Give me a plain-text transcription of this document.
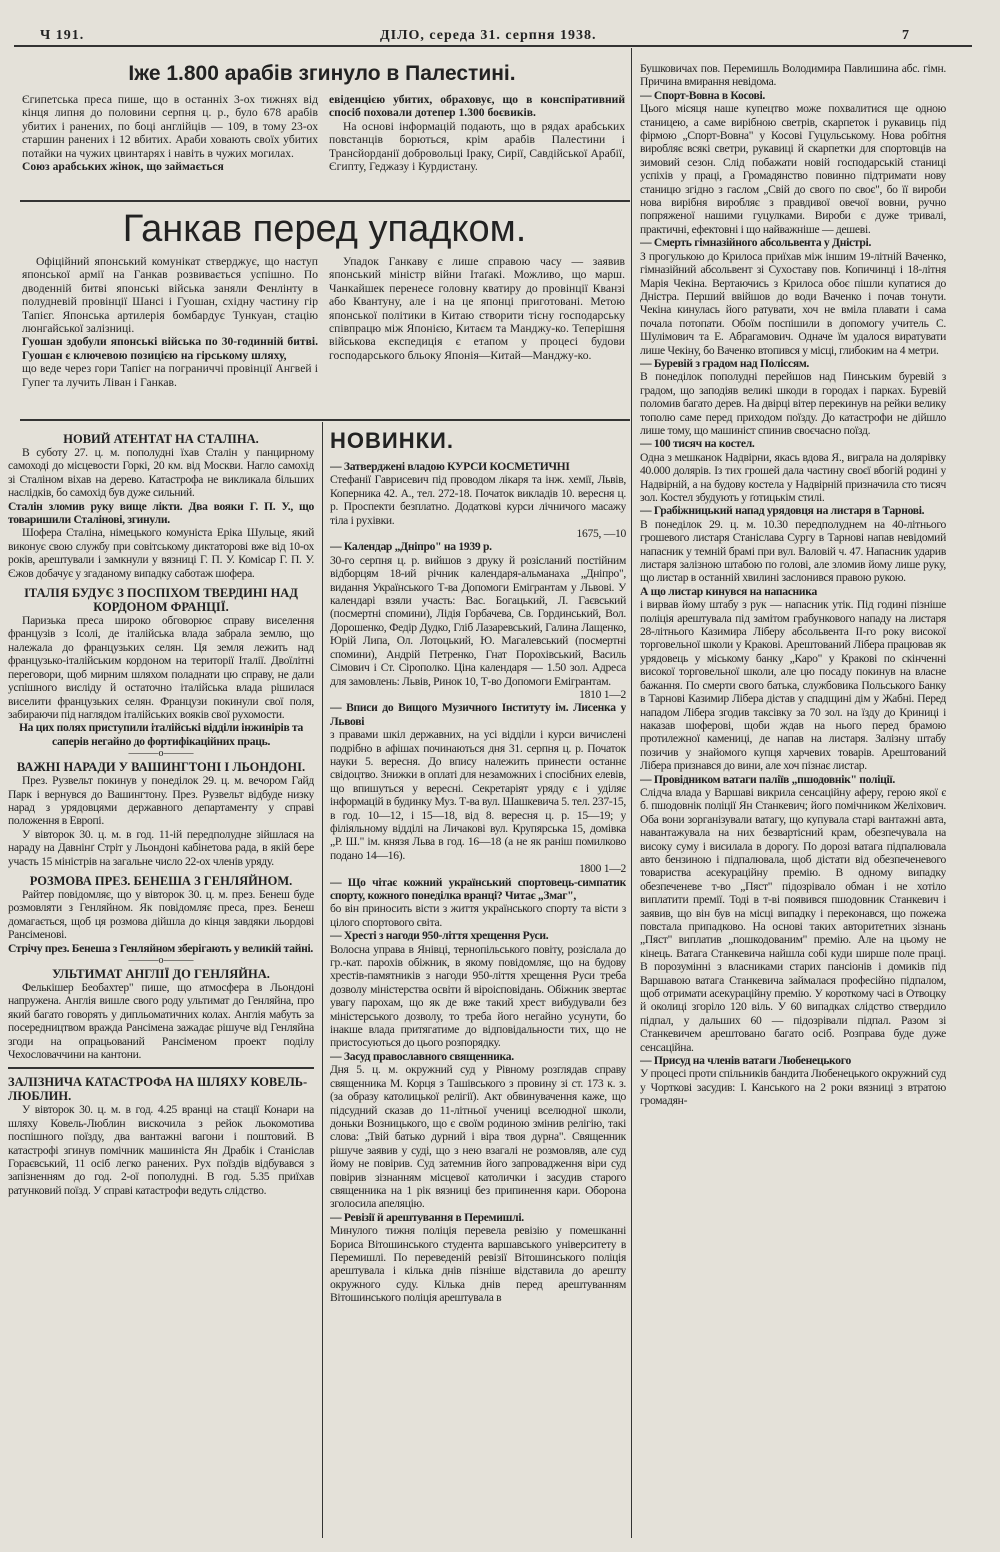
Ч 191.	ДІЛО, середа 31. серпня 1938.	7
Іже 1.800 арабів згинуло в Палестині.

Єгипетська преса пише, що в останніх 3-ох тижнях від кінця липня до половини серпня ц. р., було 678 арабів убитих і ранених, по боці англійців — 109, в тому 23-ох старшин ранених і 12 вбитих. Араби ховають своїх убитих потайки на чужих цвинтарях і навіть в чужих могилах.

Союз арабських жінок, що займається

евіденцією убитих, обраховує, що в конспіративний спосіб поховали дотепер 1.300 боєвиків.

На основі інформацій подають, що в рядах арабських повстанців борються, крім арабів Палестини і Трансйорданії добровольці Іраку, Сирії, Савдійської Арабії, Єгипту, Геджазу і Курдистану.

Ганкав перед упадком.

Офіційний японський комунікат стверджує, що наступ японської армії на Ганкав розвивається успішно. По дводенній битві японські війська заняли Фенлінту в полудневій провінції Шансі і Гуошан, східну частину гір Тапієг. Японська артилерія бомбардує Тункуан, стацію люнгайської залізниці.

Гуошан здобули японські війська по 30-годинній битві. Гуошан є ключевою позицією на гірському шляху,

що веде через гори Тапієг на пограниччі провінції Ангвей і Гупег та лучить Лівaн і Ганкав.

Упадок Ганкаву є лише справою часу — заявив японський міністр війни Ітаґакі. Можливо, що марш. Чанкайшек перенесе головну кватиру до провінції Кванзі або Квантуну, але і на це японці приготовані. Метою японської політики в Китаю створити тісну господарську співпрацю між Японією, Китаєм та Манджу-ко. Теперішня військова експедиція є етапом у процесі будови господарського бльоку Японія—Китай—Манджу-ко.

НОВИЙ АТЕНТАТ НА СТАЛІНА.

В суботу 27. ц. м. пополудні їхав Сталін у панцирному самоході до місцевости Горкі, 20 км. від Москви. Нагло самохід зі Сталіном віхав на дерево. Катастрофа не викликала більших наслідків, бо самохід був дуже сильний.

Сталін зломив руку вище лікти. Два вояки Г. П. У., що товаришили Сталінові, згинули.

Шофера Сталіна, німецького комуніста Еріка Шульце, який виконує свою службу при совітському диктаторові вже від 10-ох років, арештували і замкнули у вязниці Г. П. У. Комісар Г. П. У. Єжов добачує у згаданому випадку саботаж шофера.

ІТАЛІЯ БУДУЄ З ПОСПІХОМ ТВЕРДИНІ НАД КОРДОНОМ ФРАНЦІЇ.

Паризька преса широко обговорює справу виселення французів з Ісолі, де італійська влада забрала землю, що належала до французьких селян. Ця земля лежить над французько-італійським кордоном на території Італії. Двоїлітні переговори, щоб мирним шляхом поладнати цю справу, не дали успішного висліду й остаточно італійська влада рішилася виселити французьких селян. Французи покинули свої поля, забираючи під наглядом італійських вояків свої рухомости.

На цих полях приступили італійські відділи інжинірів та саперів негайно до фортифікаційних праць.

———o———

ВАЖНІ НАРАДИ У ВАШИНГТОНІ І ЛЬОНДОНІ.

През. Рузвельт покинув у понеділок 29. ц. м. вечором Гайд Парк і вернувся до Вашингтону. През. Рузвельт відбуде низку нарад з урядовцями державного департаменту у справі положення в Европі.

У вівторок 30. ц. м. в год. 11-ій передполудне зійшлася на нараду на Давнінґ Стріт у Льондоні кабінетова рада, в якій бере участь 15 міністрів на загальне число 22-ох членів уряду.

РОЗМОВА ПРЕЗ. БЕНЕША З ГЕНЛЯЙНОМ.

Райтер повідомляє, що у вівторок 30. ц. м. през. Бенеш буде розмовляти з Генляйном. Як повідомляє преса, през. Бенеш домагається, щоб ця розмова дійшла до кінця завдяки льордові Рансіменові.

Стрічу през. Бенеша з Генляйном зберігають у великій тайні.

———o———

УЛЬТИМАТ АНГЛІЇ ДО ГЕНЛЯЙНА.

Фелькішер Беобахтер" пише, що атмосфера в Льондоні напружена. Англія вишле свого роду ультимат до Генляйна, про який багато говорять у дипльоматичних колах. Англія мабуть за посередництвом вражда Рансімена зажадає рішуче від Генляйна згоди на опрацьований Рансіменом проект поділу Чехословаччини на кантони.

ЗАЛІЗНИЧА КАТАСТРОФА НА ШЛЯХУ КОВЕЛЬ-ЛЮБЛИН.

У вівторок 30. ц. м. в год. 4.25 вранці на стації Конари на шляху Ковель-Люблин вискочила з рейок льокомотива поспішного поїзду, два вантажні вагони і поштовий. В катастрофі згинув помічник машиніста Ян Драбік і Станіслав Гораєвський, 11 осіб легко ранених. Рух поїздів відбувався з запізненням до год. 2-ої пополудні. В год. 5.35 приїхав ратунковий поїзд. У справі катастрофи ведуть слідство.

НОВИНКИ.

— Затверджені владою КУРСИ КОСМЕТИЧНІ

Стефанії Гавриcевич під проводом лікаря та інж. хемії, Львів, Коперника 42. А., тел. 272-18. Початок викладів 10. вересня ц. р. Проспекти безплатно. Додаткові курси лічничого масажу тіла і рухівки.

1675, —10

— Календар „Дніпро" на 1939 р.

30-го серпня ц. р. вийшов з друку й розісланий постійним відборцям 18-ий річник календаря-альманаха „Дніпро", видання Українського Т-ва Допомоги Емігрантам у Львові. У календарі взяли участь: Вас. Богацький, Л. Гаєвський (посмертні спомини), Лідія Горбачева, Св. Гординський, Вол. Дорошенко, Федір Дудко, Гліб Лазаревський, Галина Лащенко, Юрій Липа, Ол. Лотоцький, Ю. Магалевський (посмертні спомини), Андрій Петренко, Гнат Порохівський, Василь Сімович і Ст. Сірополко. Ціна календаря — 1.50 зол. Адреса для замовлень: Львів, Ринок 10, Т-во Допомоги Емігрантам.

1810 1—2

— Вписи до Вищого Музичного Інституту ім. Лисенка у Львові

з правами шкіл державних, на усі відділи і курси вичислені подрібно в афішах починаються дня 31. серпня ц. р. Початок науки 5. вересня. До впису належить принести останнє свідоцтво. Знижки в оплаті для незаможних і спосібних елевів, що впишуться у вересні. Секретаріят уряду є і уділяє інформацій в будинку Муз. Т-ва вул. Шашкевича 5. тел. 237-15, в год. 10—12, і 15—18, від 8. вересня ц. р. 15—19; у філіяльному відділі на Личакові вул. Крупярська 15, домівка „Р. Ш." ім. князя Льва в год. 16—18 (а не як раніш помилково подано 14—16).

1800 1—2

— Що чітає кожний український спортовець-симпатик спорту, кожного понеділка вранці? Читає „Змаг",

бо він приносить вісти з життя українського спорту та вісти з цілого спортового світа.

— Хресті з нагоди 950-ліття хрещення Руси.

Волосна управа в Янівці, тернопільського повіту, розіслала до гр.-кат. парохів обіжник, в якому повідомляє, що на будову хрестів-памятників з нагоди 950-ліття хрещення Руси треба дозволу міністерства освіти й віроісповідань. Обіжник звертає увагу парохам, що як де вже такий хрест вибудували без міністерського дозволу, то треба його негайно усунути, бо інакше влада притягатиме до відповідальности тих, що не пристосуються до цього розпорядку.

— Засуд православного священника.

Дня 5. ц. м. окружний суд у Рівному розглядав справу священника М. Корця з Ташівського з провину зі ст. 173 к. з. (за образу католицької релігії). Акт обвинувачення каже, що підсудний сказав до 11-літньої учениці вселюдної школи, доньки Возницького, що є своїм родиною змінив релігію, такі слова: „Твій батько дурний і віра твоя дурна". Священник рішуче заявив у суді, що з нею взагалі не розмовляв, але суд йому не повірив. Суд затемнив його запровадження віри суд повірив зізнанням місцевої католички і засудив старого священника на 1 рік вязниці без припинення кари. Оборона зголосила апеляцію.

— Ревізії й арештування в Перемишлі.

Минулого тижня поліція перевела ревізію у помешканні Бориса Вітошинського студента варшавського університету в Перемишлі. По переведеній ревізії Вітошинського поліція арештувала і кілька днів пізніше відставила до арешту окружного суду. Кілька днів перед арештуванням Вітошинського поліція арештувала в

Бушковичах пов. Перемишль Володимира Павлишина абс. гімн. Причина вмирання невідома.

— Спорт-Вовна в Косові.

Цього місяця наше купецтво може похвалитися ще одною станицею, а саме вирібною светрів, скарпеток і рукавиць під фірмою „Спорт-Вовна" у Косові Гуцульському. Нова робітня виробляє всякі светри, рукавиці й скарпетки для спортовців на зимовий сезон. Слід побажати новій господарській станиці успіхів у праці, а Громадянство повинно підтримати нову станицю згідно з гаслом „Свій до свого по своє", бо її вироби нова вирібня виробляє з правдивої овечої вовни, ручно попряженої нашими гуцулками. Вироби є дуже тривалі, практичні, ефектовні і що найважніше — дешеві.

— Смерть гімназійного абсольвента у Дністрі.

З прогулькою до Крилоса приїхав між іншим 19-літній Ваченко, гімназійний абсольвент зі Сухоставу пов. Копичинці і 18-літня Марія Чекіна. Вертаючись з Крилоса обоє пішли купатися до Дністра. Перший ввійшов до води Ваченко і почав тонути. Чекіна кинулась його ратувати, хоч не вміла плавати і сама почала потопати. Обоїм поспішили в допомогу учитель С. Шулімович та Е. Абрагамович. Одначе їм удалося виратувати лише Чекіну, бо Ваченко втопився у місці, глибоким на 4 метри.

— Буревій з градом над Поліссям.

В понеділок пополудні перейшов над Пинським буревій з градом, що заподіяв великі шкоди в городах і парках. Буревій поломив багато дерев. На двірці вітер перекинув на рейки велику тополю саме перед приходом поїзду. До катастрофи не дійшло лише тому, що машиніст спинив своєчасно поїзд.

— 100 тисяч на костел.

Одна з мешканок Надвірни, якась вдова Я., виграла на долярівку 40.000 долярів. Із тих грошей дала частину своєї вбогій родині у Надвірній, а на будову костела у Надвірній призначила сто тисяч зол. Костел збудують у ґотицькім стилі.

— Грабіжницький напад урядовця на листаря в Тарнові.

В понеділок 29. ц. м. 10.30 передполуднем на 40-літнього грошевого листаря Станіслава Сургу в Тарнові напав невідомий напасник у темній брамі при вул. Валовій ч. 47. Напасник ударив листаря залізною штабою по голові, але зломив йому лише руку, що листар в останній хвилині заслонився правою рукою.

А що листар кинувся на напасника

і вирвав йому штабу з рук — напасник утік. Під годині пізніше поліція арештувала під замітом грабункового нападу на листаря 28-літнього Казимира Лiберу абсольвента II-го року високої торговельної школи у Кракові. Арештований Ліберa працював як урядовець у міському банку „Каро" у Кракові по скінченні високої торговельної школи, але цю посаду покинув на власне бажання. По смерти свого батька, службовика Польського Банку в Тарнові Казимир Ліберa дістав у спадщині дім у Жабні. Перед нападом Ліберa згодив таксівку за 70 зол. на їзду до Криниці і наказав шоферові, щоби ждав на нього перед брамою протилежної камениці, де напав на листаря. Залізну штабу позичив у знайомого купця харчевих товарів. Арештований Ліберa признався до вини, але хоч пізнає листар.

— Провідником ватаги паліїв „пшодовнік" поліції.

Слідча влада у Варшаві викрила сенсаційну аферу, герою якої є б. пшодовнік поліції Ян Станкевич; його помічником Желіхович. Оба вони зорганізували ватагу, що купувала старі вантажні авта, навантажувала на них безвартісний крам, обезпечувала на високу суму і висилала в дорогу. По дорозі ватага підпалювала авто бензиною і підпалювала, щоб дістати від обезпеченевого товариства асекураційну премію. В одному випадку обезпеченевe т-во „Пяст" підозрівало обман і не хотіло виплатити премії. Тоді в т-ві появився пшодовник Станкевич і заявив, що він був на місці випадку і переконався, що пожежа повстала припадково. На основі таких авторитетних зізнань „Пяст" виплатив „пошкодованим" премію. Але на цьому не кінець. Ватага Станкевича найшла собі куди ширше поле праці. В порозумінні з власниками старих пансіонів і домиків під Варшавою ватага Станкевича займалася професійно підпалом, щоб отримати асекураційну премію. У короткому часі в Отвоцку й околиці згоріло 120 віль. У 60 випадках слідство ствердило підпал, у дальших 60 — підозрівали підпал. Разом зі Станкевичем арештовано багато осіб. Розправа буде дуже сенсаційна.

— Присуд на членів ватаги Любенецького

У процесі проти спільників бандита Любенецького окружний суд у Чорткові засудив: І. Канського на 2 роки вязниці з втратою громадян-
